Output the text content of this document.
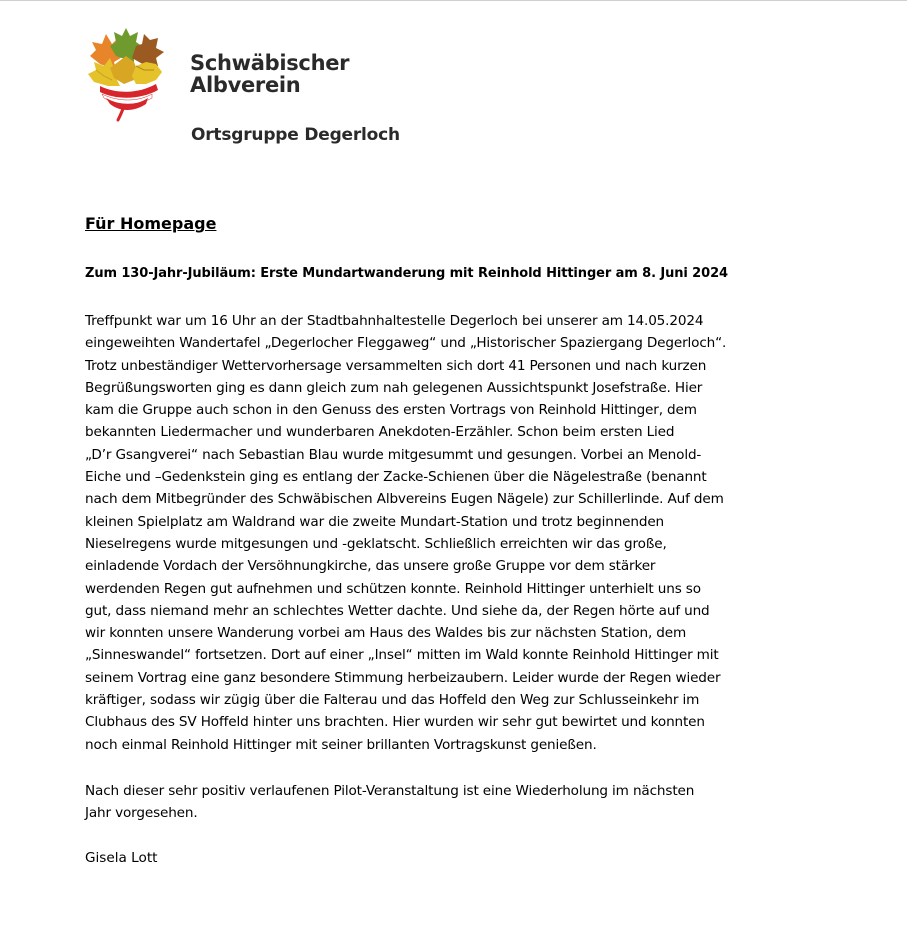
Schwäbischer
Albverein
Ortsgruppe Degerloch
Für Homepage
Zum 130-Jahr-Jubiläum: Erste Mundartwanderung mit Reinhold Hittinger am 8. Juni 2024
Treffpunkt war um 16 Uhr an der Stadtbahnhaltestelle Degerloch bei unserer am 14.05.2024
eingeweihten Wandertafel „Degerlocher Fleggaweg“ und „Historischer Spaziergang Degerloch“.
Trotz unbeständiger Wettervorhersage versammelten sich dort 41 Personen und nach kurzen
Begrüßungsworten ging es dann gleich zum nah gelegenen Aussichtspunkt Josefstraße. Hier
kam die Gruppe auch schon in den Genuss des ersten Vortrags von Reinhold Hittinger, dem
bekannten Liedermacher und wunderbaren Anekdoten-Erzähler. Schon beim ersten Lied
„D’r Gsangverei“ nach Sebastian Blau wurde mitgesummt und gesungen. Vorbei an Menold-
Eiche und –Gedenkstein ging es entlang der Zacke-Schienen über die Nägelestraße (benannt
nach dem Mitbegründer des Schwäbischen Albvereins Eugen Nägele) zur Schillerlinde. Auf dem
kleinen Spielplatz am Waldrand war die zweite Mundart-Station und trotz beginnenden
Nieselregens wurde mitgesungen und -geklatscht. Schließlich erreichten wir das große,
einladende Vordach der Versöhnungkirche, das unsere große Gruppe vor dem stärker
werdenden Regen gut aufnehmen und schützen konnte. Reinhold Hittinger unterhielt uns so
gut, dass niemand mehr an schlechtes Wetter dachte. Und siehe da, der Regen hörte auf und
wir konnten unsere Wanderung vorbei am Haus des Waldes bis zur nächsten Station, dem
„Sinneswandel“ fortsetzen. Dort auf einer „Insel“ mitten im Wald konnte Reinhold Hittinger mit
seinem Vortrag eine ganz besondere Stimmung herbeizaubern. Leider wurde der Regen wieder
kräftiger, sodass wir zügig über die Falterau und das Hoffeld den Weg zur Schlusseinkehr im
Clubhaus des SV Hoffeld hinter uns brachten. Hier wurden wir sehr gut bewirtet und konnten
noch einmal Reinhold Hittinger mit seiner brillanten Vortragskunst genießen.
Nach dieser sehr positiv verlaufenen Pilot-Veranstaltung ist eine Wiederholung im nächsten
Jahr vorgesehen.
Gisela Lott
